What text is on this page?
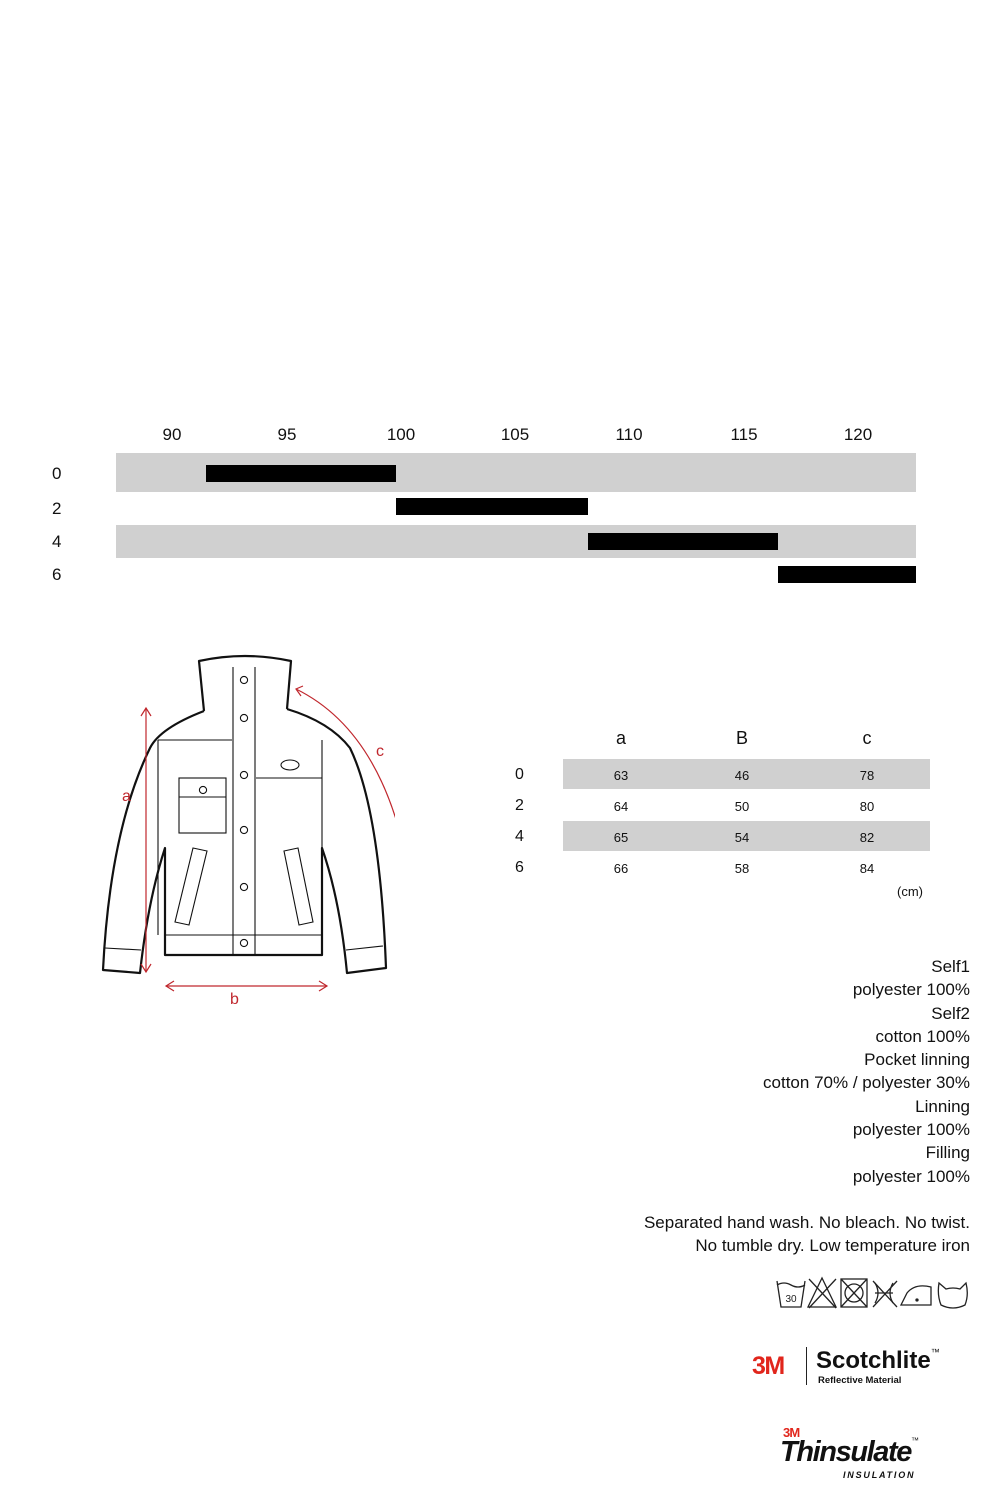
90	95	100	105	110	115	120
0
2
4
6
a
b
c
a	B	c
0	63	46	78
2	64	50	80
4	65	54	82
6	66	58	84
(cm)
Self1
polyester 100%
Self2
cotton 100%
Pocket linning
cotton 70% / polyester 30%
Linning
polyester 100%
Filling
polyester 100%
Separated hand wash. No bleach. No twist.
No tumble dry. Low temperature iron
30
3M Scotchlite™
Reflective Material
3M
Thinsulate™
INSULATION
